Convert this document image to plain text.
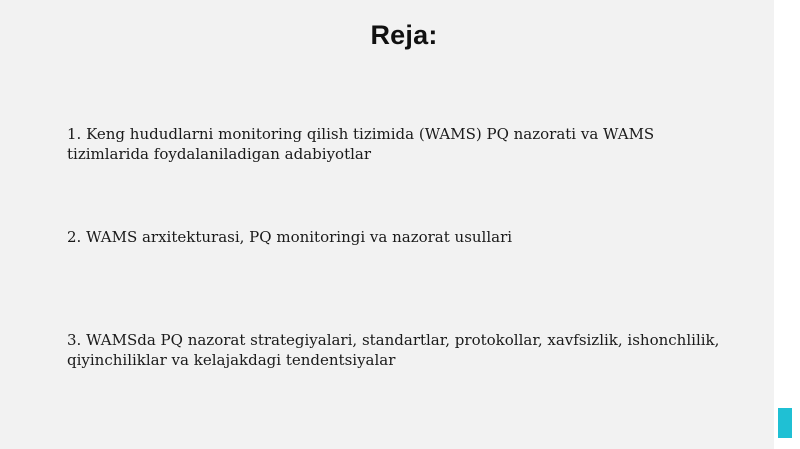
Reja:

1. Keng hududlarni monitoring qilish tizimida (WAMS) PQ nazorati va WAMS tizimlarida foydalaniladigan adabiyotlar

2. WAMS arxitekturasi, PQ monitoringi va nazorat usullari

3. WAMSda PQ nazorat strategiyalari, standartlar, protokollar, xavfsizlik, ishonchlilik, qiyinchiliklar va kelajakdagi tendentsiyalar
